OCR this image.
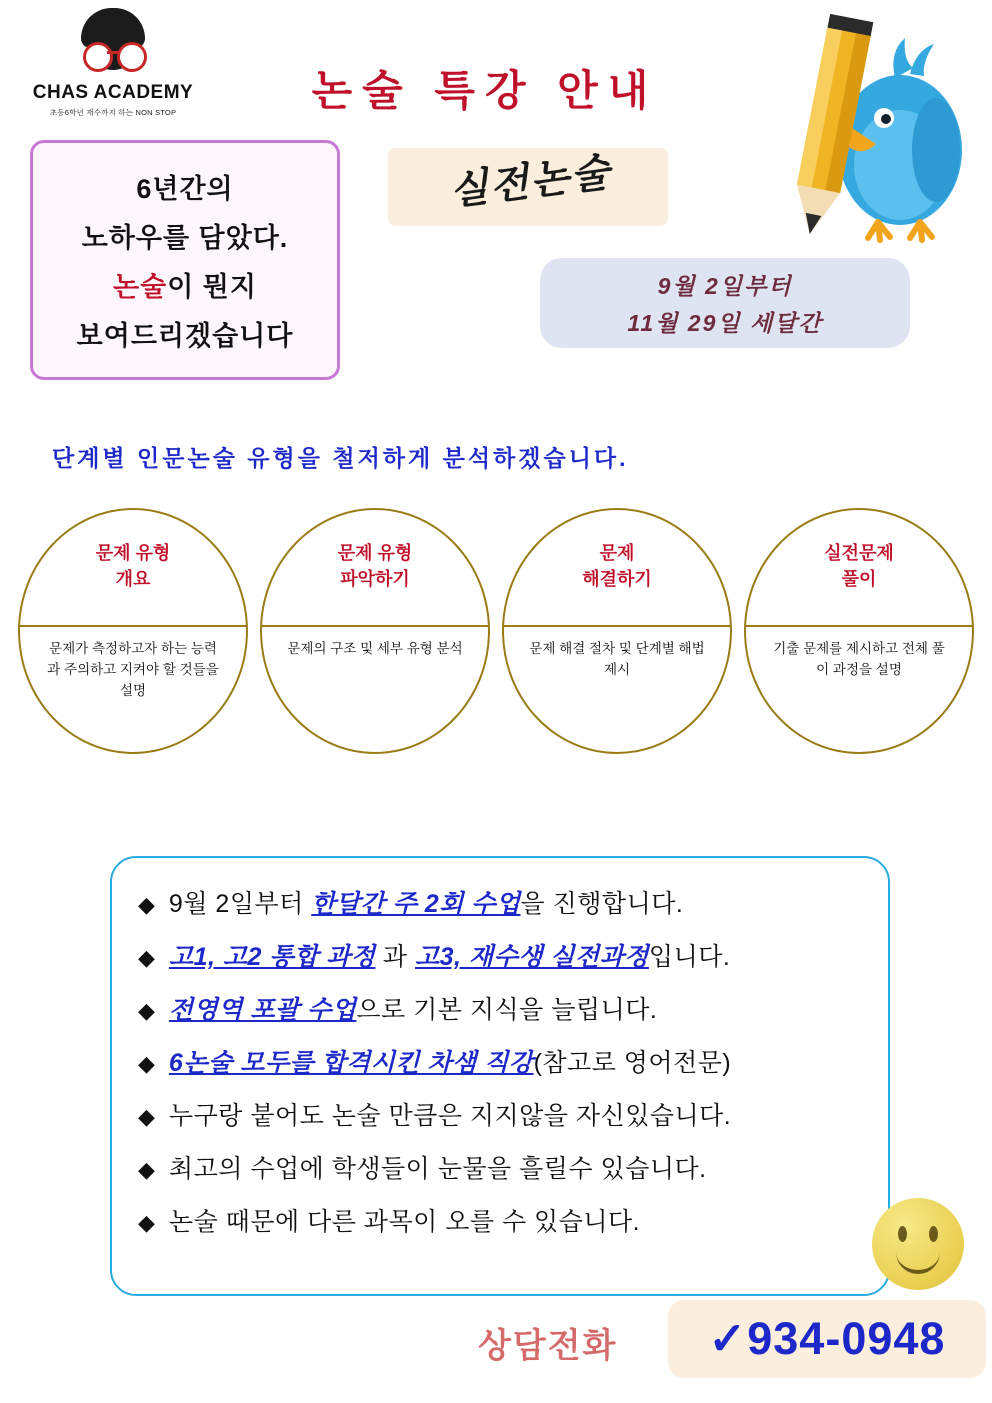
CHAS ACADEMY
초등6학년 재수까지 하는 NON STOP	논술 특강 안내
6년간의
노하우를 담았다.
논술이 뭔지
보여드리겠습니다
실전논술
9월 2일부터
11월 29일 세달간
단계별 인문논술 유형을 철저하게 분석하겠습니다.
문제 유형
개요
문제가 측정하고자 하는 능력과 주의하고 지켜야 할 것들을 설명
문제 유형
파악하기
문제의 구조 및 세부 유형 분석
문제
해결하기
문제 해결 절차 및 단계별 해법 제시
실전문제
풀이
기출 문제를 제시하고 전체 풀이 과정을 설명
◆ 9월 2일부터 한달간 주 2회 수업을 진행합니다.
◆ 고1, 고2 통합 과정 과 고3, 재수생 실전과정입니다.
◆ 전영역 포괄 수업으로 기본 지식을 늘립니다.
◆ 6논술 모두를 합격시킨 차샘 직강(참고로 영어전문)
◆ 누구랑 붙어도 논술 만큼은 지지않을 자신있습니다.
◆ 최고의 수업에 학생들이 눈물을 흘릴수 있습니다.
◆ 논술 때문에 다른 과목이 오를 수 있습니다.
상담전화	✓934-0948
